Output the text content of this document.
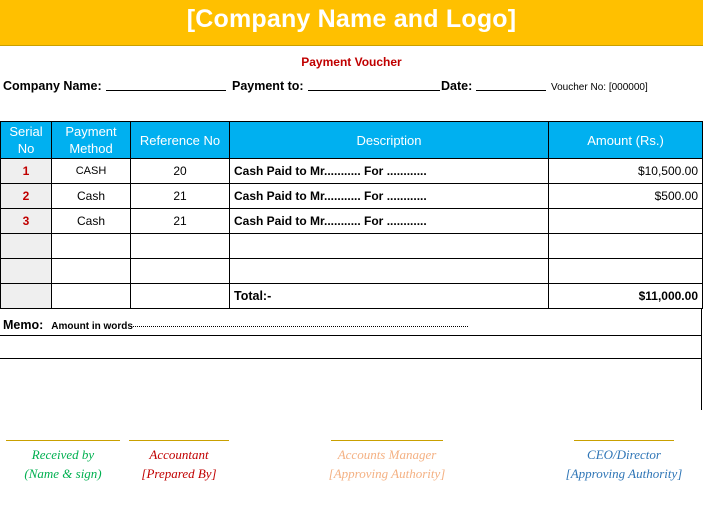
[Company Name and Logo]
Payment Voucher
Company Name:	Payment to:	Date:	Voucher No: [000000]
Serial No	Payment Method	Reference No	Description	Amount (Rs.)
1	CASH	20	Cash Paid to Mr........... For ............	$10,500.00
2	Cash	21	Cash Paid to Mr........... For ............	$500.00
3	Cash	21	Cash Paid to Mr........... For ............	

			Total:-	$11,000.00
Memo: Amount in words
Received by
(Name & sign)
Accountant
[Prepared By]
Accounts Manager
[Approving Authority]
CEO/Director
[Approving Authority]
